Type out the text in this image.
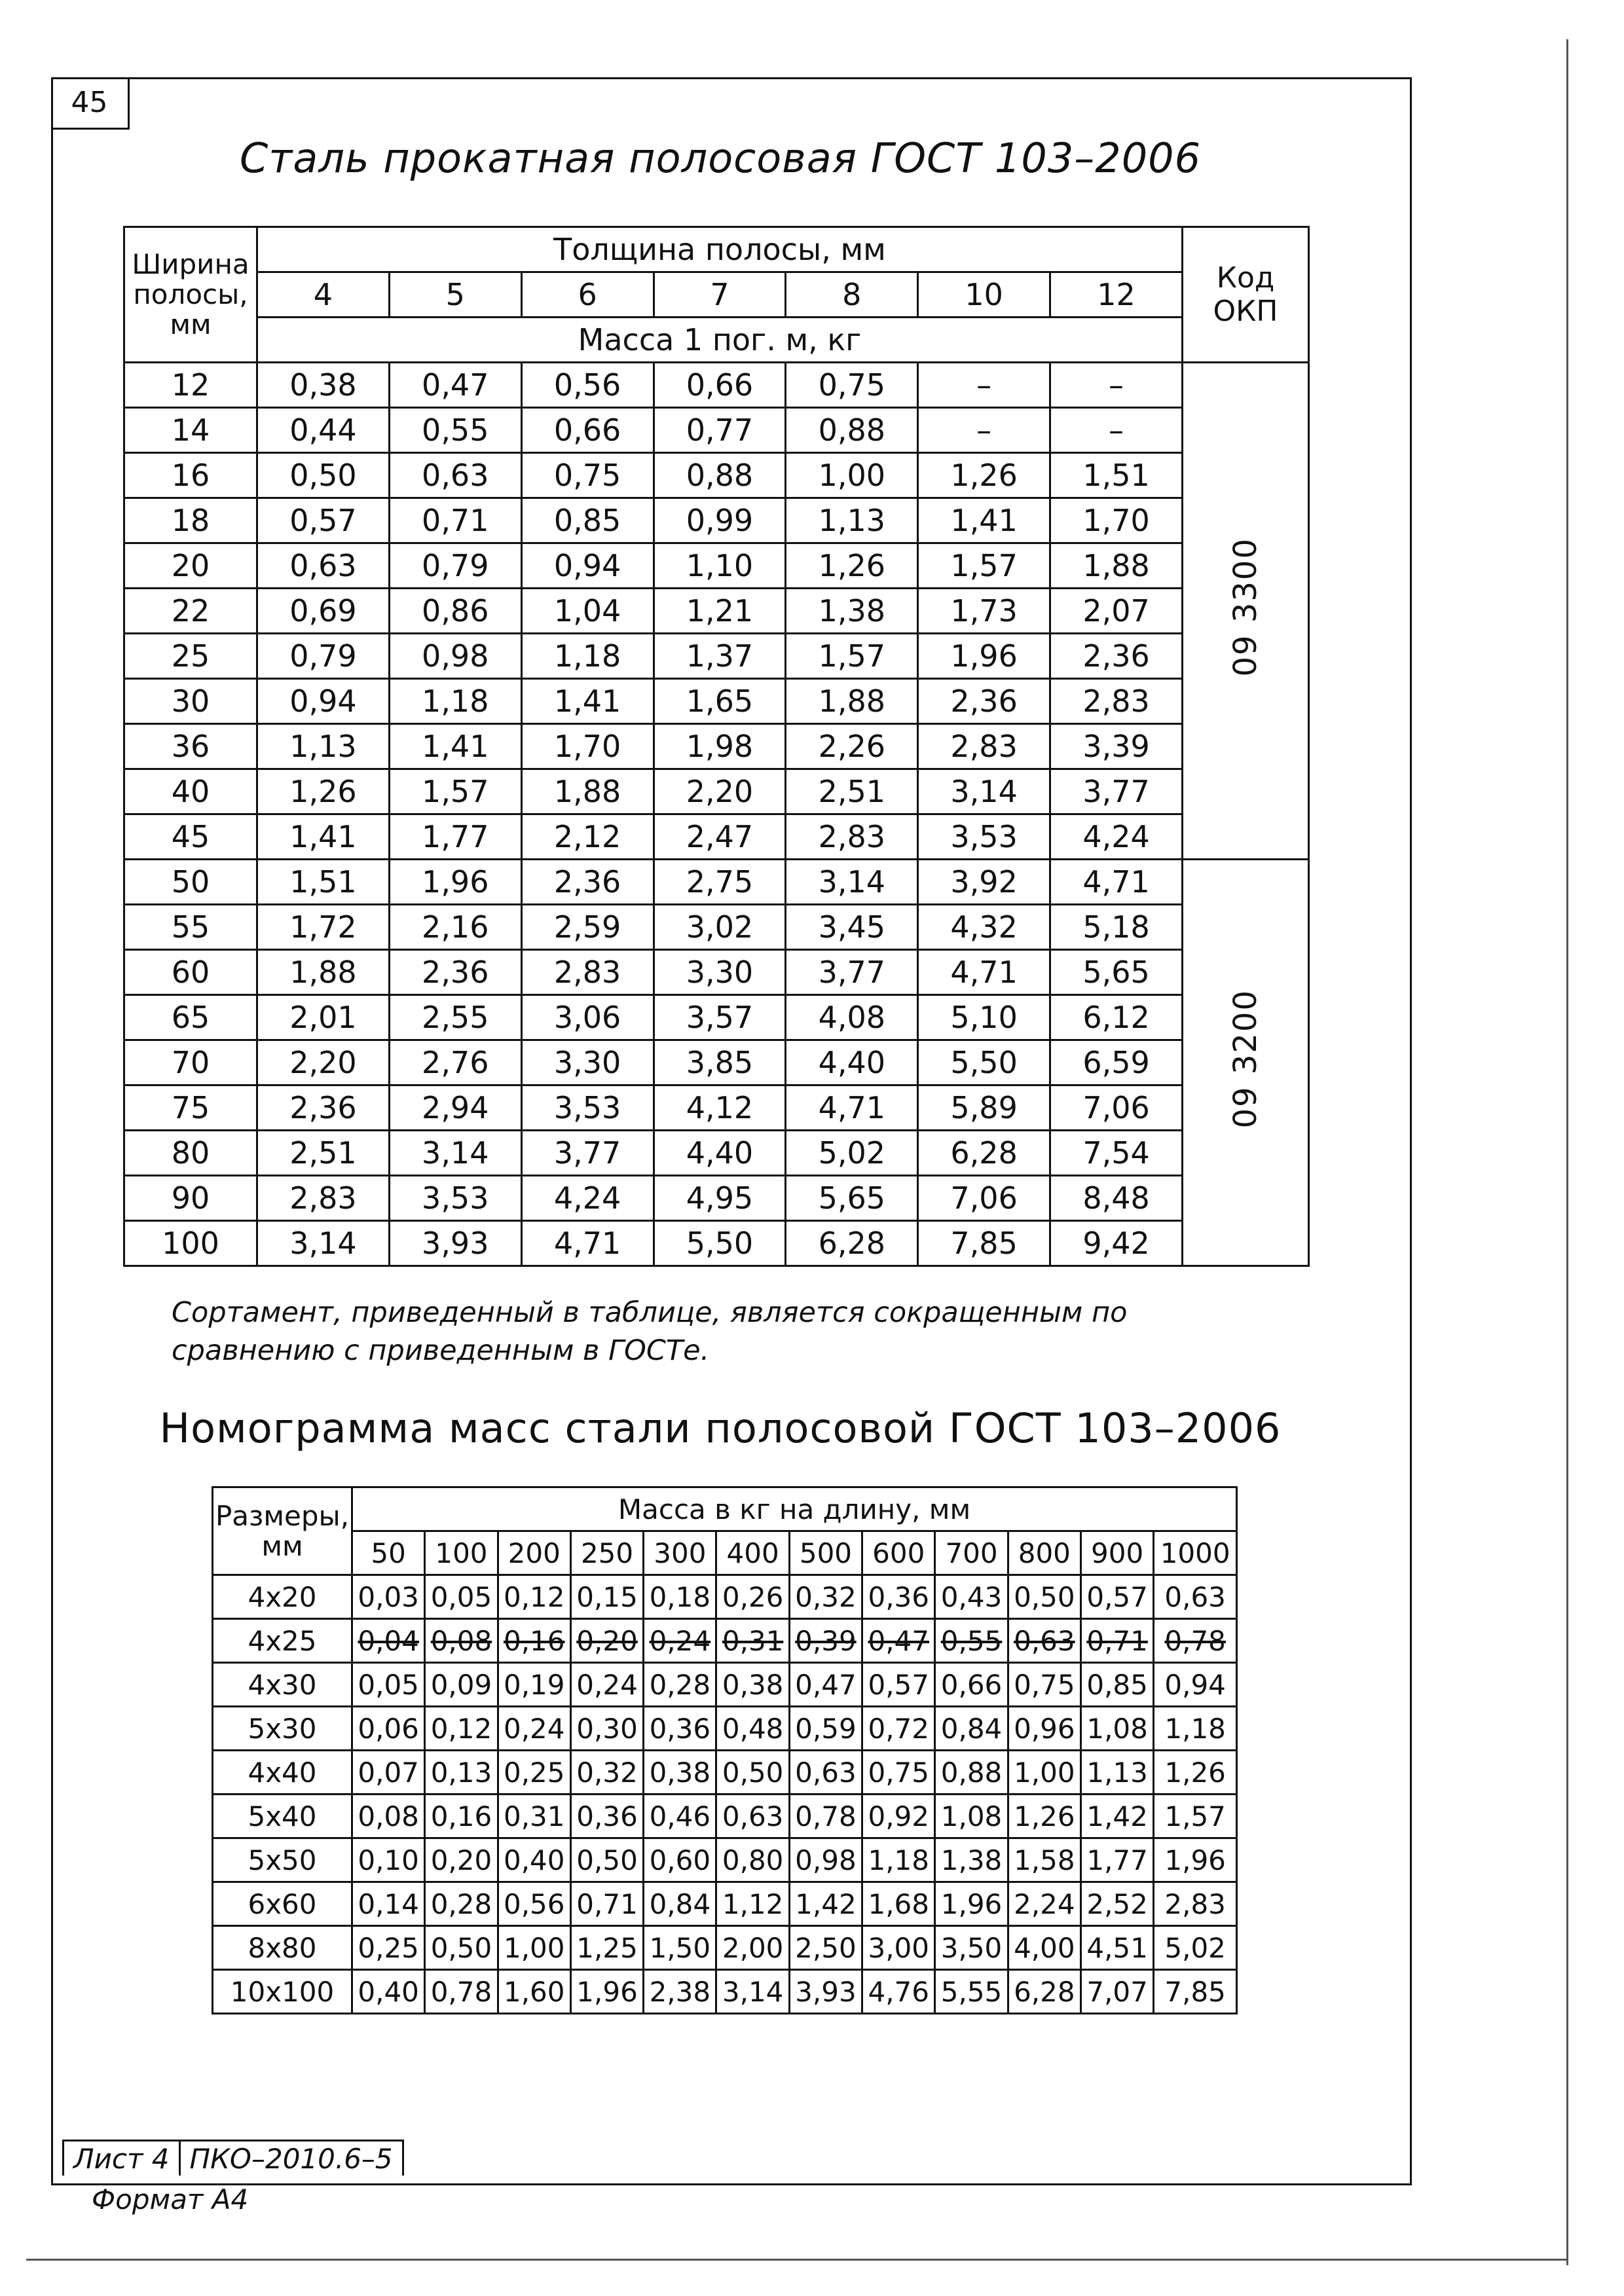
45
Сталь прокатная полосовая ГОСТ 103–2006
Ширина полосы, мм	Толщина полосы, мм							Код ОКП
	4	5	6	7	8	10	12	
	Масса 1 пог. м, кг							
12	0,38	0,47	0,56	0,66	0,75	–	–	09 3300
14	0,44	0,55	0,66	0,77	0,88	–	–	
16	0,50	0,63	0,75	0,88	1,00	1,26	1,51	
18	0,57	0,71	0,85	0,99	1,13	1,41	1,70	
20	0,63	0,79	0,94	1,10	1,26	1,57	1,88	
22	0,69	0,86	1,04	1,21	1,38	1,73	2,07	
25	0,79	0,98	1,18	1,37	1,57	1,96	2,36	
30	0,94	1,18	1,41	1,65	1,88	2,36	2,83	
36	1,13	1,41	1,70	1,98	2,26	2,83	3,39	
40	1,26	1,57	1,88	2,20	2,51	3,14	3,77	
45	1,41	1,77	2,12	2,47	2,83	3,53	4,24	
50	1,51	1,96	2,36	2,75	3,14	3,92	4,71	09 3200
55	1,72	2,16	2,59	3,02	3,45	4,32	5,18	
60	1,88	2,36	2,83	3,30	3,77	4,71	5,65	
65	2,01	2,55	3,06	3,57	4,08	5,10	6,12	
70	2,20	2,76	3,30	3,85	4,40	5,50	6,59	
75	2,36	2,94	3,53	4,12	4,71	5,89	7,06	
80	2,51	3,14	3,77	4,40	5,02	6,28	7,54	
90	2,83	3,53	4,24	4,95	5,65	7,06	8,48	
100	3,14	3,93	4,71	5,50	6,28	7,85	9,42	
Сортамент, приведенный в таблице, является сокращенным по сравнению с приведенным в ГОСТе.
Номограмма масс стали полосовой ГОСТ 103–2006
Размеры, мм	Масса в кг на длину, мм											
	50	100	200	250	300	400	500	600	700	800	900	1000
4х20	0,03	0,05	0,12	0,15	0,18	0,26	0,32	0,36	0,43	0,50	0,57	0,63
4х25	0,04	0,08	0,16	0,20	0,24	0,31	0,39	0,47	0,55	0,63	0,71	0,78
4х30	0,05	0,09	0,19	0,24	0,28	0,38	0,47	0,57	0,66	0,75	0,85	0,94
5х30	0,06	0,12	0,24	0,30	0,36	0,48	0,59	0,72	0,84	0,96	1,08	1,18
4х40	0,07	0,13	0,25	0,32	0,38	0,50	0,63	0,75	0,88	1,00	1,13	1,26
5х40	0,08	0,16	0,31	0,36	0,46	0,63	0,78	0,92	1,08	1,26	1,42	1,57
5х50	0,10	0,20	0,40	0,50	0,60	0,80	0,98	1,18	1,38	1,58	1,77	1,96
6х60	0,14	0,28	0,56	0,71	0,84	1,12	1,42	1,68	1,96	2,24	2,52	2,83
8х80	0,25	0,50	1,00	1,25	1,50	2,00	2,50	3,00	3,50	4,00	4,51	5,02
10х100	0,40	0,78	1,60	1,96	2,38	3,14	3,93	4,76	5,55	6,28	7,07	7,85
Лист 4 ПКО–2010.6–5
Формат А4
